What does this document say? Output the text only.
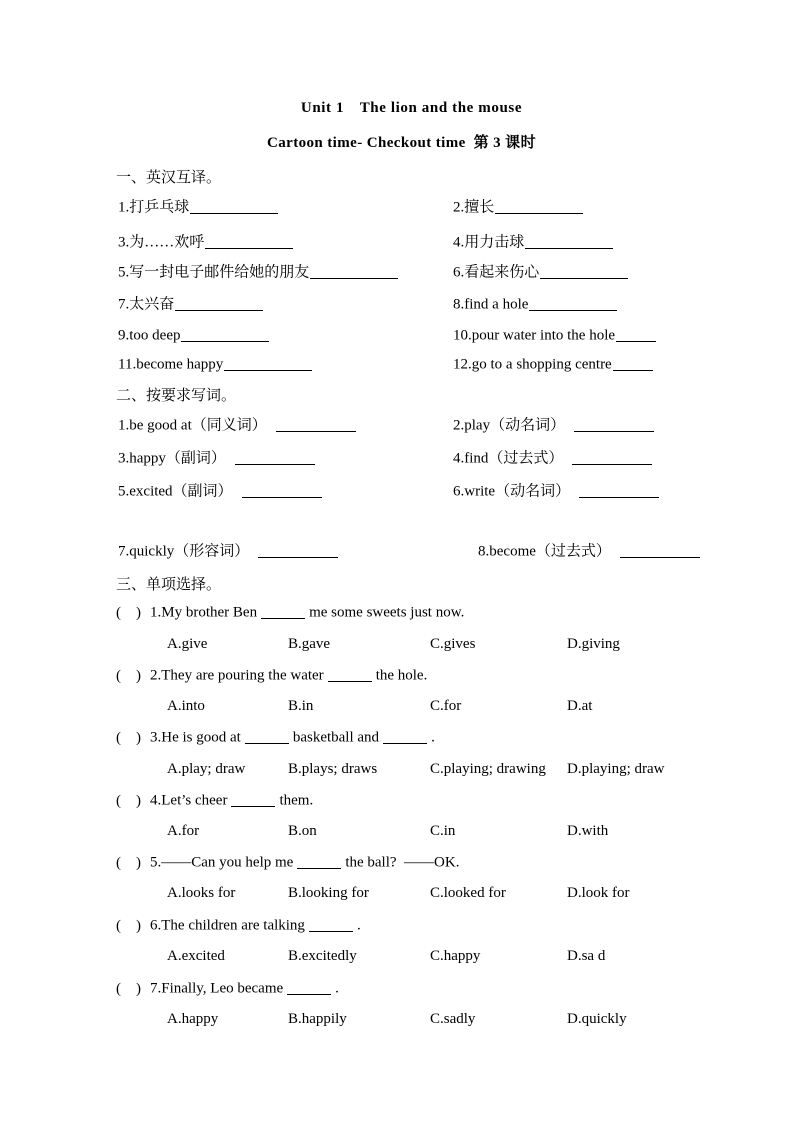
Unit 1 The lion and the mouse
Cartoon time- Checkout time 第 3 课时
一、英汉互译。
1.打乒乓球	2.擅长
3.为……欢呼	4.用力击球
5.写一封电子邮件给她的朋友	6.看起来伤心
7.太兴奋	8.find a hole
9.too deep	10.pour water into the hole
11.become happy	12.go to a shopping centre
二、按要求写词。
1.be good at（同义词）	2.play（动名词）
3.happy（副词）	4.find（过去式）
5.excited（副词）	6.write（动名词）
7.quickly（形容词）	8.become（过去式）
三、单项选择。
(    ) 1.My brother Ben	me some sweets just now.
A.give	B.gave	C.gives	D.giving
(    ) 2.They are pouring the water	the hole.
A.into	B.in	C.for	D.at
(    ) 3.He is good at	basketball and	.
A.play; draw	B.plays; draws	C.playing; drawing D.playing; draw
(    ) 4.Let’s cheer	them.
A.for	B.on	C.in	D.with
(    ) 5.——Can you help me	the ball? ——OK.
A.looks for	B.looking for	C.looked for	D.look for
(    ) 6.The children are talking	.
A.excited	B.excitedly	C.happy	D.sa d
(    ) 7.Finally, Leo became	.
A.happy	B.happily	C.sadly	D.quickly
